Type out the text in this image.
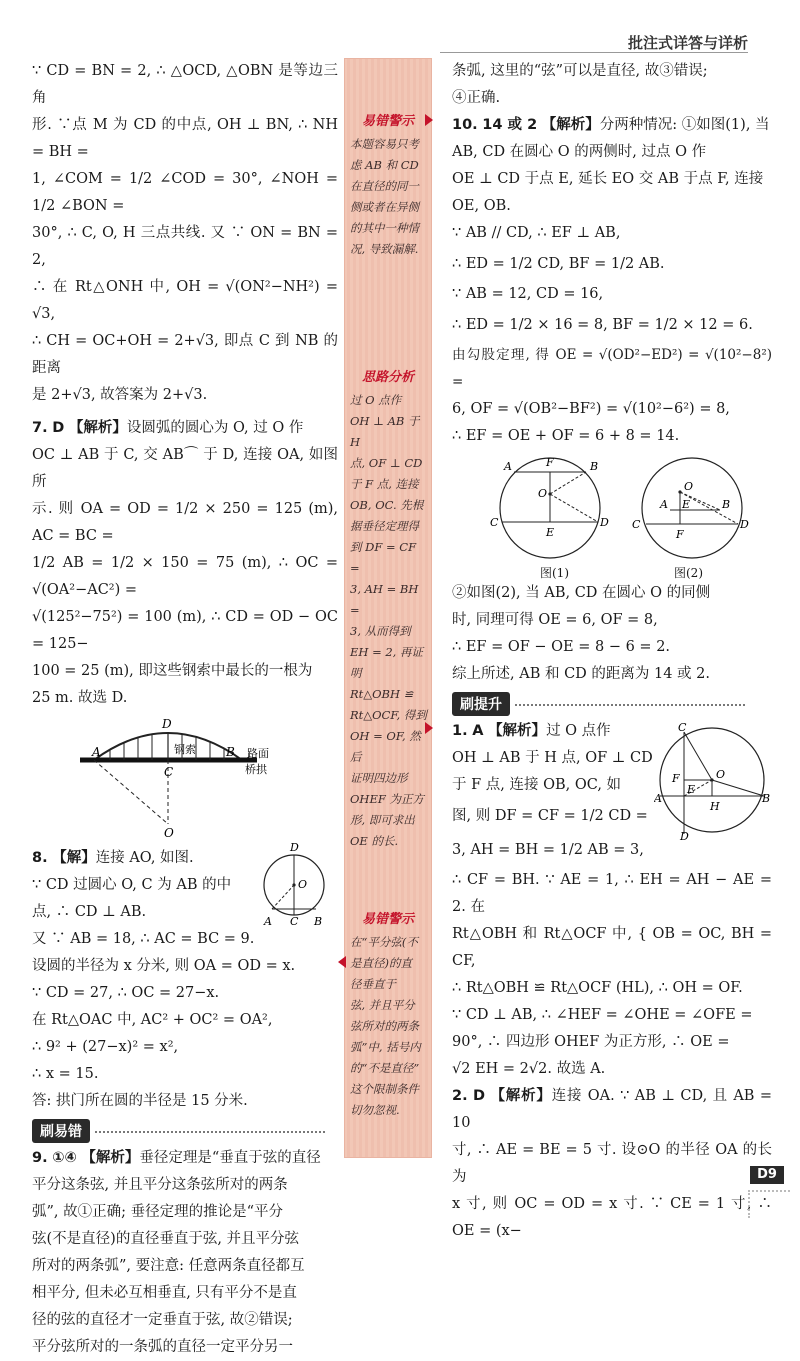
批注式详答与详析

∵ CD = BN = 2, ∴ △OCD, △OBN 是等边三角

形. ∵点 M 为 CD 的中点, OH ⊥ BN, ∴ NH = BH =

1, ∠COM = 1/2 ∠COD = 30°, ∠NOH = 1/2 ∠BON =

30°, ∴ C, O, H 三点共线. 又 ∵ ON = BN = 2,

∴ 在 Rt△ONH 中, OH = √(ON²−NH²) = √3,

∴ CH = OC+OH = 2+√3, 即点 C 到 NB 的距离

是 2+√3, 故答案为 2+√3.

7. D 【解析】设圆弧的圆心为 O, 过 O 作

OC ⊥ AB 于 C, 交 AB⌒ 于 D, 连接 OA, 如图所

示. 则 OA = OD = 1/2 × 250 = 125 (m), AC = BC =

1/2 AB = 1/2 × 150 = 75 (m), ∴ OC = √(OA²−AC²) =

√(125²−75²) = 100 (m), ∴ CD = OD − OC = 125−

100 = 25 (m), 即这些钢索中最长的一根为

25 m. 故选 D.

D
A	B
C
O
钢索	路面
桥拱
D
O
A C B

8. 【解】连接 AO, 如图.

∵ CD 过圆心 O, C 为 AB 的中

点, ∴ CD ⊥ AB.

又 ∵ AB = 18, ∴ AC = BC = 9.

设圆的半径为 x 分米, 则 OA = OD = x.

∵ CD = 27, ∴ OC = 27−x.

在 Rt△OAC 中, AC² + OC² = OA²,

∴ 9² + (27−x)² = x²,

∴ x = 15.

答: 拱门所在圆的半径是 15 分米.

刷易错

9. ①④ 【解析】垂径定理是“垂直于弦的直径

平分这条弦, 并且平分这条弦所对的两条

弧”, 故①正确; 垂径定理的推论是“平分

弦(不是直径)的直径垂直于弦, 并且平分弦

所对的两条弧”, 要注意: 任意两条直径都互

相平分, 但未必互相垂直, 只有平分不是直

径的弦的直径才一定垂直于弦, 故②错误;

平分弦所对的一条弧的直径一定平分另一

易错警示
本题容易只考
虑 AB 和 CD
在直径的同一
侧或者在异侧
的其中一种情
况, 导致漏解.
思路分析
过 O 点作
OH ⊥ AB 于 H
点, OF ⊥ CD
于 F 点, 连接
OB, OC. 先根
据垂径定理得
到 DF = CF =
3, AH = BH =
3, 从而得到
EH = 2, 再证明
Rt△OBH ≌
Rt△OCF, 得到
OH = OF, 然后
证明四边形
OHEF 为正方
形, 即可求出
OE 的长.
易错警示
在“平分弦(不
是直径)的直
径垂直于
弦, 并且平分
弦所对的两条
弧”中, 括号内
的“不是直径”
这个限制条件
切勿忽视.

条弧, 这里的“弦”可以是直径, 故③错误;

④正确.

10. 14 或 2 【解析】分两种情况: ①如图(1), 当

AB, CD 在圆心 O 的两侧时, 过点 O 作

OE ⊥ CD 于点 E, 延长 EO 交 AB 于点 F, 连接

OE, OB.

∵ AB // CD, ∴ EF ⊥ AB,

∴ ED = 1/2 CD, BF = 1/2 AB.

∵ AB = 12, CD = 16,

∴ ED = 1/2 × 16 = 8, BF = 1/2 × 12 = 6.

由勾股定理, 得 OE = √(OD²−ED²) = √(10²−8²) =

6, OF = √(OB²−BF²) = √(10²−6²) = 8,

∴ EF = OE + OF = 6 + 8 = 14.

A	F	B
O
C
E
D
O
A E	B
C
F
D
图(1)	图(2)

②如图(2), 当 AB, CD 在圆心 O 的同侧

时, 同理可得 OE = 6, OF = 8,

∴ EF = OF − OE = 8 − 6 = 2.

综上所述, AB 和 CD 的距离为 14 或 2.

刷提升
C
F	O
A
E
H
B
D

1. A 【解析】过 O 点作

OH ⊥ AB 于 H 点, OF ⊥ CD

于 F 点, 连接 OB, OC, 如

图, 则 DF = CF = 1/2 CD =

3, AH = BH = 1/2 AB = 3,

∴ CF = BH. ∵ AE = 1, ∴ EH = AH − AE = 2. 在

Rt△OBH 和 Rt△OCF 中, { OB = OC, BH = CF,

∴ Rt△OBH ≌ Rt△OCF (HL), ∴ OH = OF.

∵ CD ⊥ AB, ∴ ∠HEF = ∠OHE = ∠OFE =

90°, ∴ 四边形 OHEF 为正方形, ∴ OE =

√2 EH = 2√2. 故选 A.

2. D 【解析】连接 OA. ∵ AB ⊥ CD, 且 AB = 10

寸, ∴ AE = BE = 5 寸. 设⊙O 的半径 OA 的长为

x 寸, 则 OC = OD = x 寸. ∵ CE = 1 寸, ∴ OE = (x−

D9
